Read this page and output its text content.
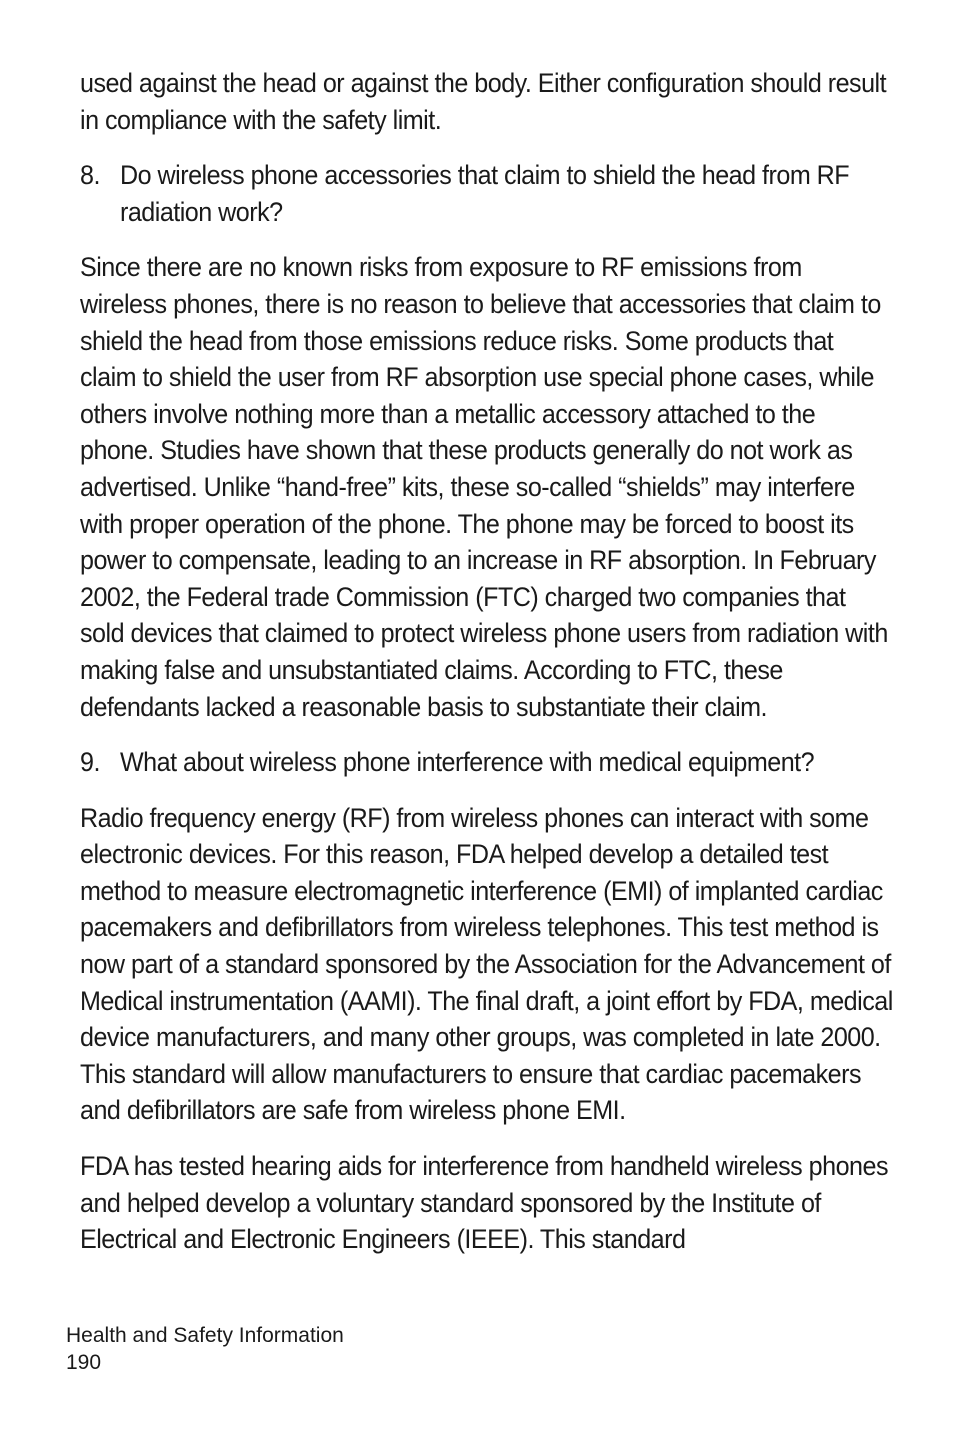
used against the head or against the body. Either configuration should result in compliance with the safety limit.

8. Do wireless phone accessories that claim to shield the head from RF radiation work?

Since there are no known risks from exposure to RF emissions from wireless phones, there is no reason to believe that accessories that claim to shield the head from those emissions reduce risks. Some products that claim to shield the user from RF absorption use special phone cases, while others involve nothing more than a metallic accessory attached to the phone. Studies have shown that these products generally do not work as advertised. Unlike “hand-free” kits, these so-called “shields” may interfere with proper operation of the phone. The phone may be forced to boost its power to compensate, leading to an increase in RF absorption. In February 2002, the Federal trade Commission (FTC) charged two companies that sold devices that claimed to protect wireless phone users from radiation with making false and unsubstantiated claims. According to FTC, these defendants lacked a reasonable basis to substantiate their claim.

9. What about wireless phone interference with medical equipment?

Radio frequency energy (RF) from wireless phones can interact with some electronic devices. For this reason, FDA helped develop a detailed test method to measure electromagnetic interference (EMI) of implanted cardiac pacemakers and defibrillators from wireless telephones. This test method is now part of a standard sponsored by the Association for the Advancement of Medical instrumentation (AAMI). The final draft, a joint effort by FDA, medical device manufacturers, and many other groups, was completed in late 2000. This standard will allow manufacturers to ensure that cardiac pacemakers and defibrillators are safe from wireless phone EMI.

FDA has tested hearing aids for interference from handheld wireless phones and helped develop a voluntary standard sponsored by the Institute of Electrical and Electronic Engineers (IEEE). This standard

Health and Safety Information
190
